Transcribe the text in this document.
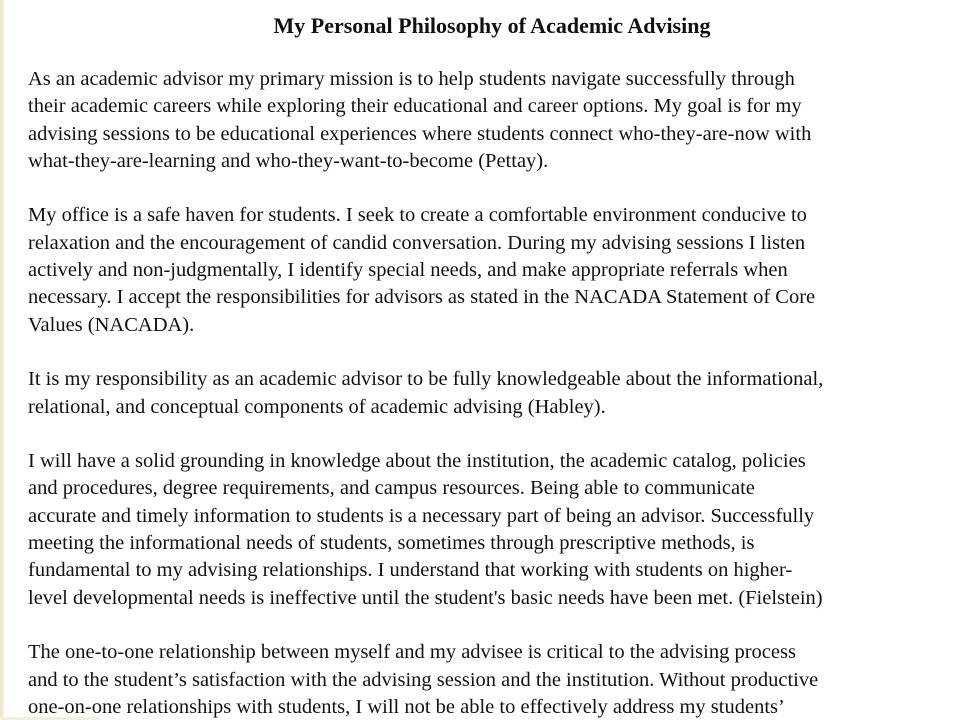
My Personal Philosophy of Academic Advising

As an academic advisor my primary mission is to help students navigate successfully through
their academic careers while exploring their educational and career options. My goal is for my
advising sessions to be educational experiences where students connect who-they-are-now with
what-they-are-learning and who-they-want-to-become (Pettay).

My office is a safe haven for students. I seek to create a comfortable environment conducive to
relaxation and the encouragement of candid conversation. During my advising sessions I listen
actively and non-judgmentally, I identify special needs, and make appropriate referrals when
necessary. I accept the responsibilities for advisors as stated in the NACADA Statement of Core
Values (NACADA).

It is my responsibility as an academic advisor to be fully knowledgeable about the informational,
relational, and conceptual components of academic advising (Habley).

I will have a solid grounding in knowledge about the institution, the academic catalog, policies
and procedures, degree requirements, and campus resources. Being able to communicate
accurate and timely information to students is a necessary part of being an advisor. Successfully
meeting the informational needs of students, sometimes through prescriptive methods, is
fundamental to my advising relationships. I understand that working with students on higher-
level developmental needs is ineffective until the student's basic needs have been met. (Fielstein)

The one-to-one relationship between myself and my advisee is critical to the advising process
and to the student’s satisfaction with the advising session and the institution. Without productive
one-on-one relationships with students, I will not be able to effectively address my students’
